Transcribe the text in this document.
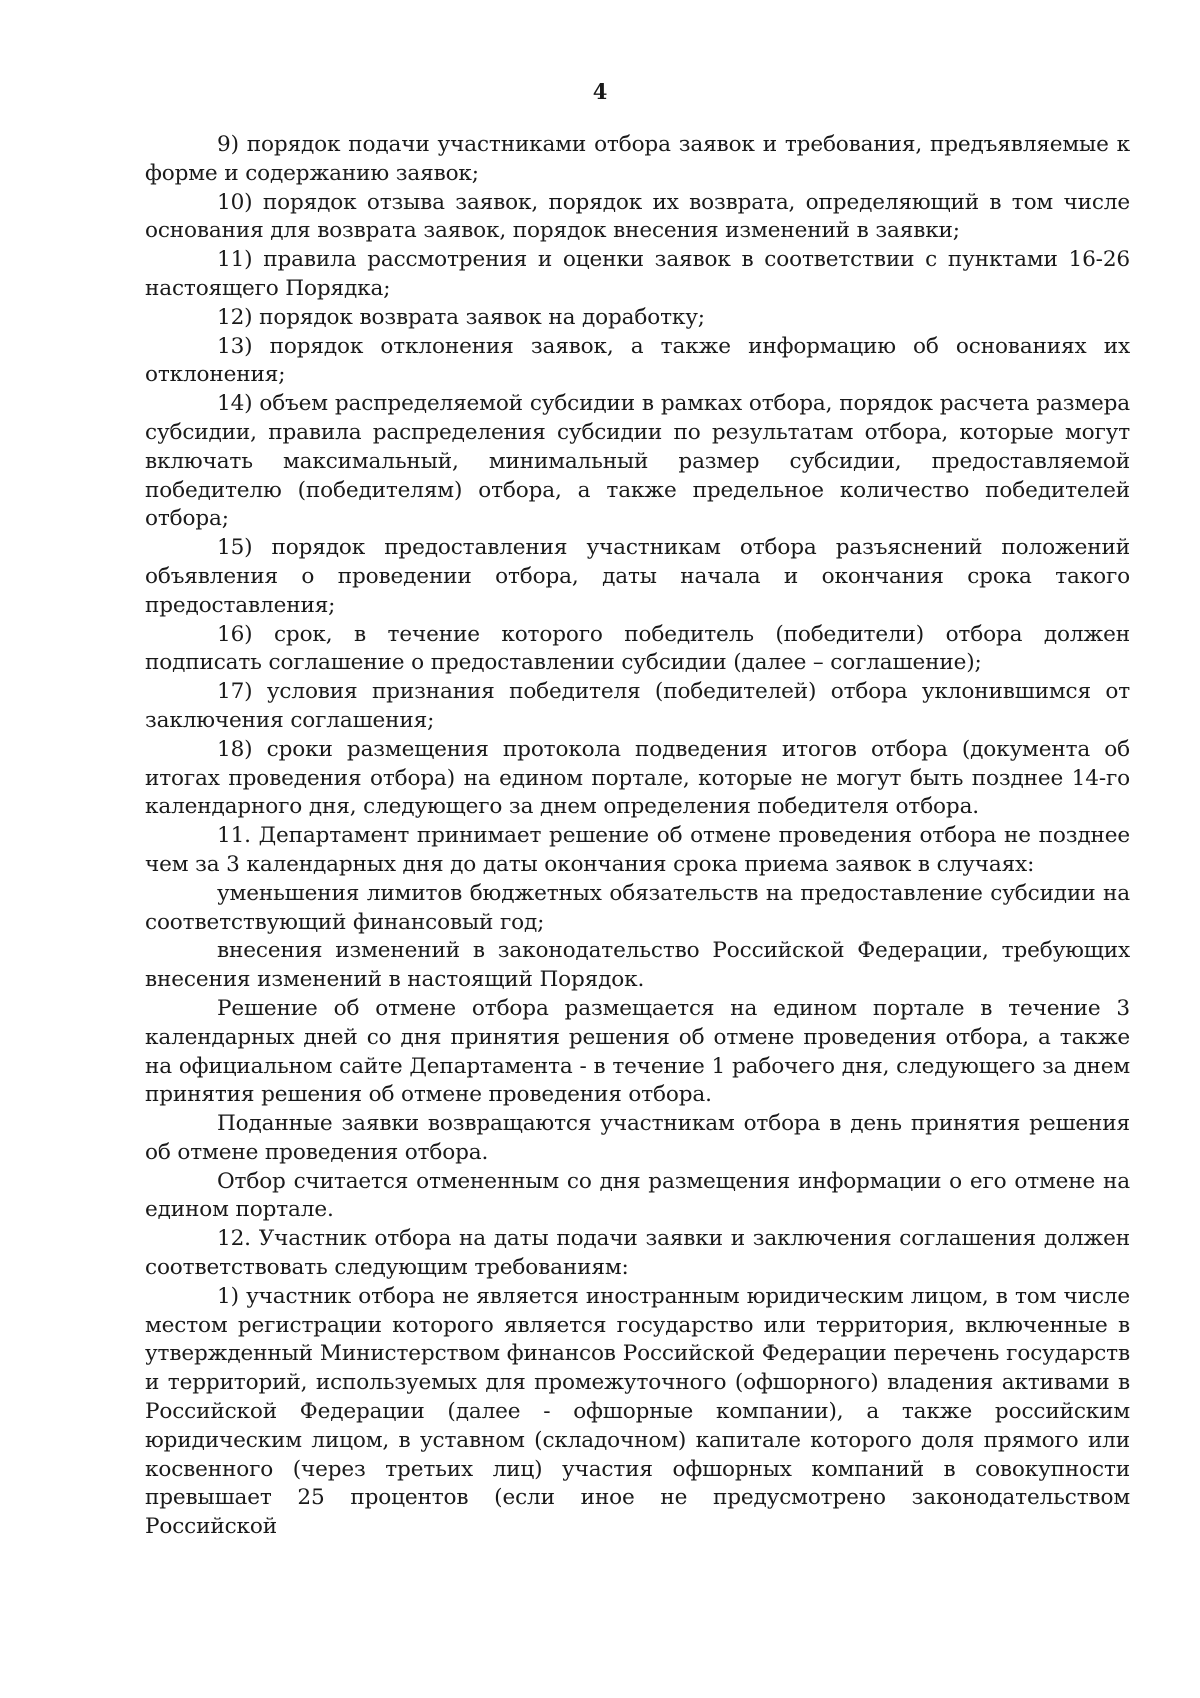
4

9) порядок подачи участниками отбора заявок и требования, предъявляемые к форме и содержанию заявок;

10) порядок отзыва заявок, порядок их возврата, определяющий в том числе основания для возврата заявок, порядок внесения изменений в заявки;

11) правила рассмотрения и оценки заявок в соответствии с пунктами 16-26 настоящего Порядка;

12) порядок возврата заявок на доработку;

13) порядок отклонения заявок, а также информацию об основаниях их отклонения;

14) объем распределяемой субсидии в рамках отбора, порядок расчета размера субсидии, правила распределения субсидии по результатам отбора, которые могут включать максимальный, минимальный размер субсидии, предоставляемой победителю (победителям) отбора, а также предельное количество победителей отбора;

15) порядок предоставления участникам отбора разъяснений положений объявления о проведении отбора, даты начала и окончания срока такого предоставления;

16) срок, в течение которого победитель (победители) отбора должен подписать соглашение о предоставлении субсидии (далее – соглашение);

17) условия признания победителя (победителей) отбора уклонившимся от заключения соглашения;

18) сроки размещения протокола подведения итогов отбора (документа об итогах проведения отбора) на едином портале, которые не могут быть позднее 14-го календарного дня, следующего за днем определения победителя отбора.

11. Департамент принимает решение об отмене проведения отбора не позднее чем за 3 календарных дня до даты окончания срока приема заявок в случаях:

уменьшения лимитов бюджетных обязательств на предоставление субсидии на соответствующий финансовый год;

внесения изменений в законодательство Российской Федерации, требующих внесения изменений в настоящий Порядок.

Решение об отмене отбора размещается на едином портале в течение 3 календарных дней со дня принятия решения об отмене проведения отбора, а также на официальном сайте Департамента - в течение 1 рабочего дня, следующего за днем принятия решения об отмене проведения отбора.

Поданные заявки возвращаются участникам отбора в день принятия решения об отмене проведения отбора.

Отбор считается отмененным со дня размещения информации о его отмене на едином портале.

12. Участник отбора на даты подачи заявки и заключения соглашения должен соответствовать следующим требованиям:

1) участник отбора не является иностранным юридическим лицом, в том числе местом регистрации которого является государство или территория, включенные в утвержденный Министерством финансов Российской Федерации перечень государств и территорий, используемых для промежуточного (офшорного) владения активами в Российской Федерации (далее - офшорные компании), а также российским юридическим лицом, в уставном (складочном) капитале которого доля прямого или косвенного (через третьих лиц) участия офшорных компаний в совокупности превышает 25 процентов (если иное не предусмотрено законодательством Российской
